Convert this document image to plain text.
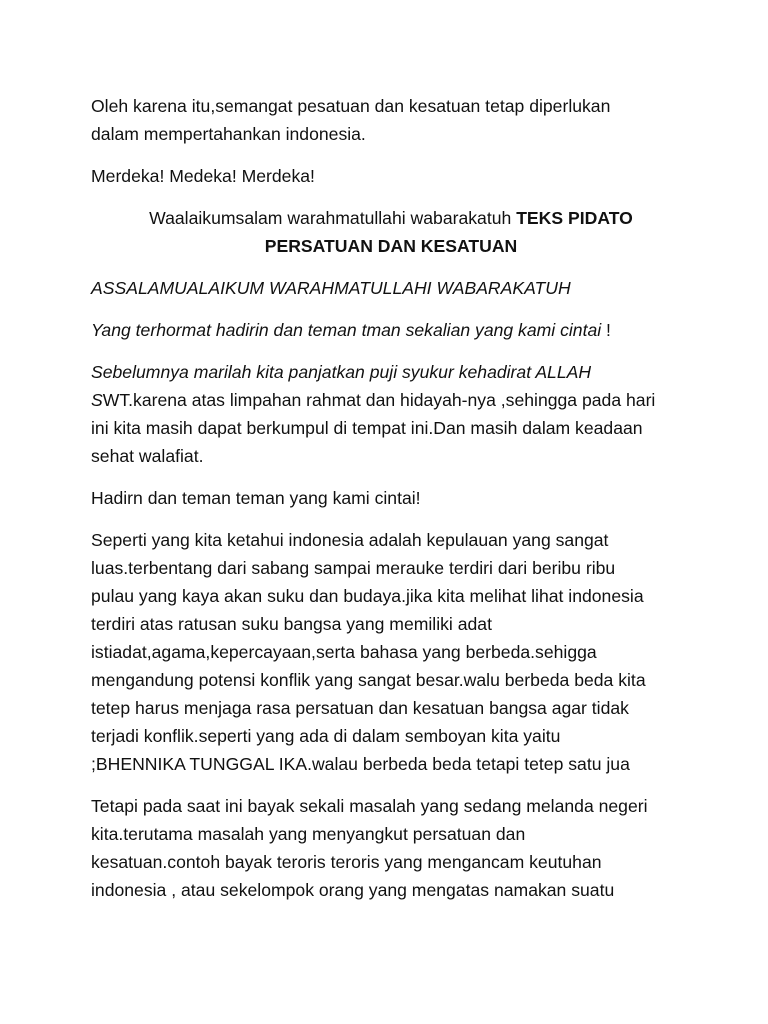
Oleh karena itu,semangat pesatuan dan kesatuan tetap diperlukan
dalam mempertahankan indonesia.

Merdeka! Medeka! Merdeka!

Waalaikumsalam warahmatullahi wabarakatuh TEKS PIDATO
PERSATUAN DAN KESATUAN

ASSALAMUALAIKUM WARAHMATULLAHI WABARAKATUH

Yang terhormat hadirin dan teman tman sekalian yang kami cintai !

Sebelumnya marilah kita panjatkan puji syukur kehadirat ALLAH
SWT.karena atas limpahan rahmat dan hidayah-nya ,sehingga pada hari
ini kita masih dapat berkumpul di tempat ini.Dan masih dalam keadaan
sehat walafiat.

Hadirn dan teman teman yang kami cintai!

Seperti yang kita ketahui indonesia adalah kepulauan yang sangat
luas.terbentang dari sabang sampai merauke terdiri dari beribu ribu
pulau yang kaya akan suku dan budaya.jika kita melihat lihat indonesia
terdiri atas ratusan suku bangsa yang memiliki adat
istiadat,agama,kepercayaan,serta bahasa yang berbeda.sehigga
mengandung potensi konflik yang sangat besar.walu berbeda beda kita
tetep harus menjaga rasa persatuan dan kesatuan bangsa agar tidak
terjadi konflik.seperti yang ada di dalam semboyan kita yaitu
;BHENNIKA TUNGGAL IKA.walau berbeda beda tetapi tetep satu jua

Tetapi pada saat ini bayak sekali masalah yang sedang melanda negeri
kita.terutama masalah yang menyangkut persatuan dan
kesatuan.contoh bayak teroris teroris yang mengancam keutuhan
indonesia , atau sekelompok orang yang mengatas namakan suatu
